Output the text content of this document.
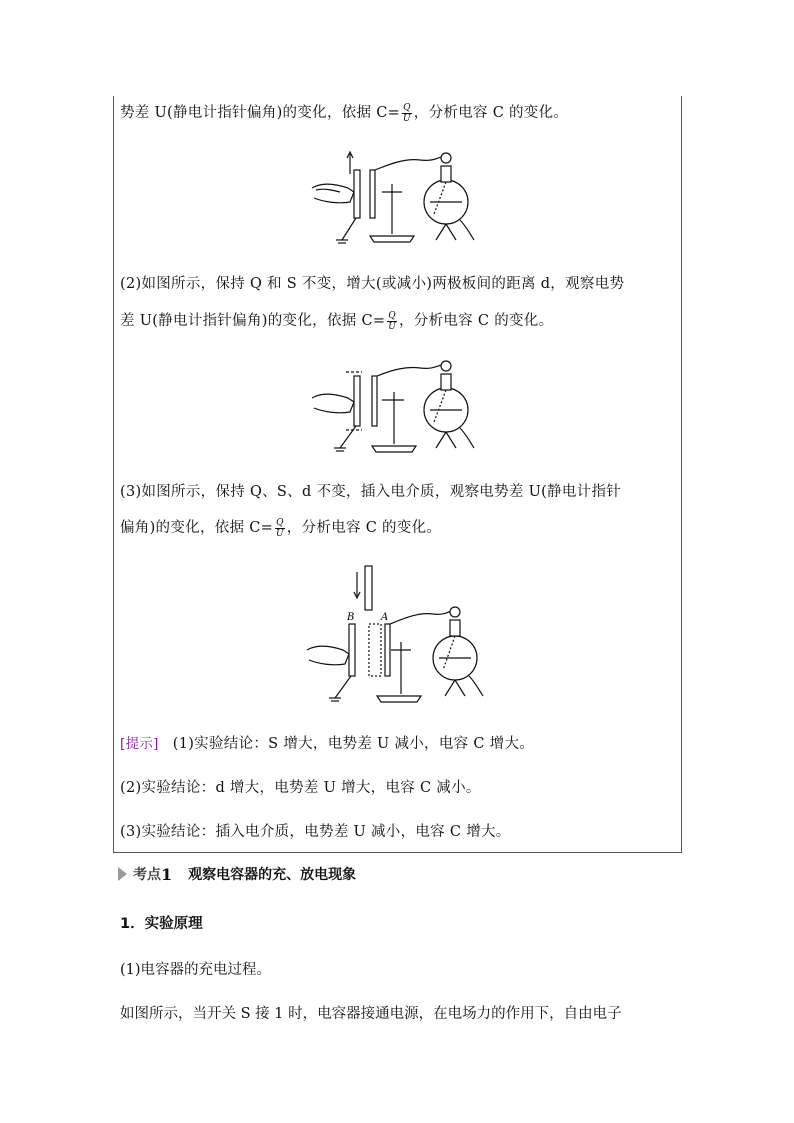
势差 U(静电计指针偏角)的变化，依据 $C= \frac{Q}{U}$ ，分析电容 C 的变化。
(2)如图所示，保持 Q 和 S 不变，增大(或减小)两极板间的距离 d，观察电势
差 U(静电计指针偏角)的变化，依据 $C= \frac{Q}{U}$ ，分析电容 C 的变化。
(3)如图所示，保持 Q、S、d 不变，插入电介质，观察电势差 U(静电计指针
偏角)的变化，依据 $C= \frac{Q}{U}$ ，分析电容 C 的变化。
B	A
[提示] (1)实验结论：S 增大，电势差 U 减小，电容 C 增大。
(2)实验结论：d 增大，电势差 U 增大，电容 C 减小。
(3)实验结论：插入电介质，电势差 U 减小，电容 C 增大。
考点 1 观察电容器的充、放电现象
1．实验原理
(1)电容器的充电过程。
如图所示，当开关 S 接 1 时，电容器接通电源，在电场力的作用下，自由电子
